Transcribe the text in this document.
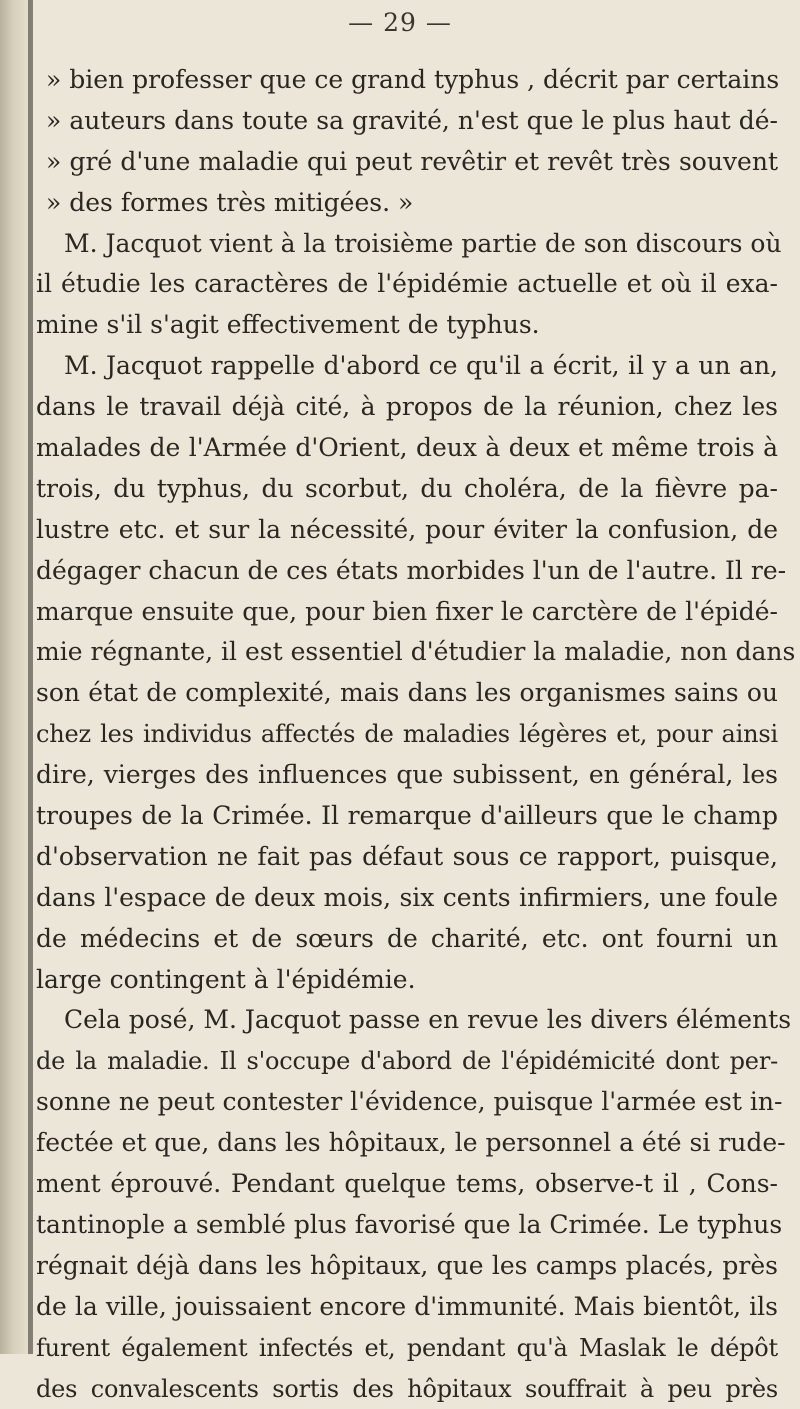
— 29 —
» bien professer que ce grand typhus , décrit par certains
» auteurs dans toute sa gravité, n'est que le plus haut dé-
» gré d'une maladie qui peut revêtir et revêt très souvent
» des formes très mitigées. »
M. Jacquot vient à la troisième partie de son discours où
il étudie les caractères de l'épidémie actuelle et où il exa-
mine s'il s'agit effectivement de typhus.
M. Jacquot rappelle d'abord ce qu'il a écrit, il y a un an,
dans le travail déjà cité, à propos de la réunion, chez les
malades de l'Armée d'Orient, deux à deux et même trois à
trois, du typhus, du scorbut, du choléra, de la fièvre pa-
lustre etc. et sur la nécessité, pour éviter la confusion, de
dégager chacun de ces états morbides l'un de l'autre. Il re-
marque ensuite que, pour bien fixer le carctère de l'épidé-
mie régnante, il est essentiel d'étudier la maladie, non dans
son état de complexité, mais dans les organismes sains ou
chez les individus affectés de maladies légères et, pour ainsi
dire, vierges des influences que subissent, en général, les
troupes de la Crimée. Il remarque d'ailleurs que le champ
d'observation ne fait pas défaut sous ce rapport, puisque,
dans l'espace de deux mois, six cents infirmiers, une foule
de médecins et de sœurs de charité, etc. ont fourni un
large contingent à l'épidémie.
Cela posé, M. Jacquot passe en revue les divers éléments
de la maladie. Il s'occupe d'abord de l'épidémicité dont per-
sonne ne peut contester l'évidence, puisque l'armée est in-
fectée et que, dans les hôpitaux, le personnel a été si rude-
ment éprouvé. Pendant quelque tems, observe-t il , Cons-
tantinople a semblé plus favorisé que la Crimée. Le typhus
régnait déjà dans les hôpitaux, que les camps placés, près
de la ville, jouissaient encore d'immunité. Mais bientôt, ils
furent également infectés et, pendant qu'à Maslak le dépôt
des convalescents sortis des hôpitaux souffrait à peu près
